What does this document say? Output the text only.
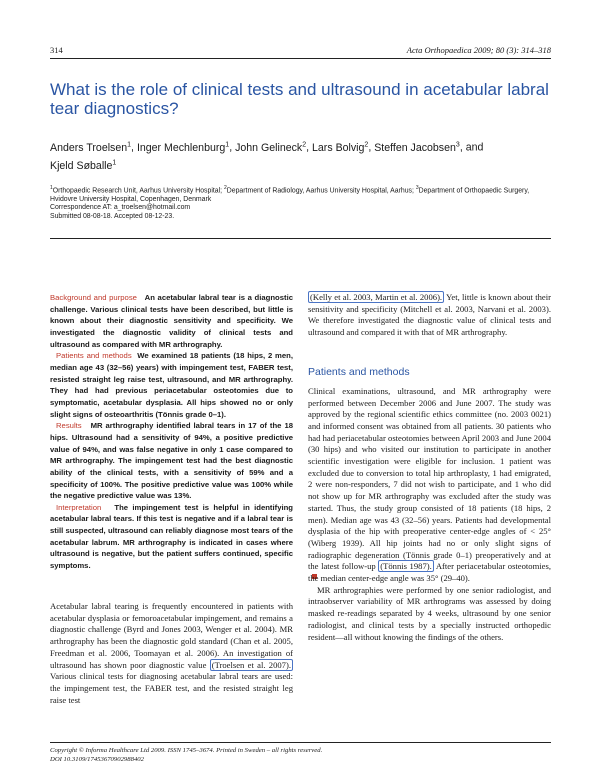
314	Acta Orthopaedica 2009; 80 (3): 314–318
What is the role of clinical tests and ultrasound in acetabular labral tear diagnostics?
Anders Troelsen$^1$, Inger Mechlenburg$^1$, John Gelineck$^2$, Lars Bolvig$^2$, Steffen Jacobsen$^3$, and
Kjeld Søballe$^1$
$^1$Orthopaedic Research Unit, Aarhus University Hospital; $^2$Department of Radiology, Aarhus University Hospital, Aarhus; $^3$Department of Orthopaedic Surgery, Hvidovre University Hospital, Copenhagen, Denmark
Correspondence AT: a_troelsen@hotmail.com
Submitted 08-08-18. Accepted 08-12-23.

Background and purpose An acetabular labral tear is a diagnostic challenge. Various clinical tests have been described, but little is known about their diagnostic sensitivity and specificity. We investigated the diagnostic validity of clinical tests and ultrasound as compared with MR arthrography.

Patients and methods We examined 18 patients (18 hips, 2 men, median age 43 (32–56) years) with impingement test, FABER test, resisted straight leg raise test, ultrasound, and MR arthrography. They had had previous periacetabular osteotomies due to symptomatic, acetabular dysplasia. All hips showed no or only slight signs of osteoarthritis (Tönnis grade 0–1).

Results MR arthrography identified labral tears in 17 of the 18 hips. Ultrasound had a sensitivity of 94%, a positive predictive value of 94%, and was false negative in only 1 case compared to MR arthrography. The impingement test had the best diagnostic ability of the clinical tests, with a sensitivity of 59% and a specificity of 100%. The positive predictive value was 100% while the negative predictive value was 13%.

Interpretation The impingement test is helpful in identifying acetabular labral tears. If this test is negative and if a labral tear is still suspected, ultrasound can reliably diagnose most tears of the acetabular labrum. MR arthrography is indicated in cases where ultrasound is negative, but the patient suffers continued, specific symptoms.

Acetabular labral tearing is frequently encountered in patients with acetabular dysplasia or femoroacetabular impingement, and remains a diagnostic challenge (Byrd and Jones 2003, Wenger et al. 2004). MR arthrography has been the diagnostic gold standard (Chan et al. 2005, Freedman et al. 2006, Toomayan et al. 2006). An investigation of ultrasound has shown poor diagnostic value (Troelsen et al. 2007). Various clinical tests for diagnosing acetabular labral tears are used: the impingement test, the FABER test, and the resisted straight leg raise test

(Kelly et al. 2003, Martin et al. 2006). Yet, little is known about their sensitivity and specificity (Mitchell et al. 2003, Narvani et al. 2003). We therefore investigated the diagnostic value of clinical tests and ultrasound and compared it with that of MR arthrography.

Patients and methods

Clinical examinations, ultrasound, and MR arthrography were performed between December 2006 and June 2007. The study was approved by the regional scientific ethics committee (no. 2003 0021) and informed consent was obtained from all patients. 30 patients who had had periacetabular osteotomies between April 2003 and June 2004 (30 hips) and who visited our institution to participate in another scientific investigation were eligible for inclusion. 1 patient was excluded due to conversion to total hip arthroplasty, 1 had emigrated, 2 were non-responders, 7 did not wish to participate, and 1 who did not show up for MR arthrography was excluded after the study was started. Thus, the study group consisted of 18 patients (18 hips, 2 men). Median age was 43 (32–56) years. Patients had developmental dysplasia of the hip with preoperative center-edge angles of < 25° (Wiberg 1939). All hip joints had no or only slight signs of radiographic degeneration (Tönnis grade 0–1) preoperatively and at the latest follow-up (Tönnis 1987). After periacetabular osteotomies, the median center-edge angle was 35° (29–40).

MR arthrographies were performed by one senior radiologist, and intraobserver variability of MR arthrograms was assessed by doing masked re-readings separated by 4 weeks, ultrasound by one senior radiologist, and clinical tests by a specially instructed orthopedic resident—all without knowing the findings of the others.

Copyright © Informa Healthcare Ltd 2009. ISSN 1745–3674. Printed in Sweden – all rights reserved.
DOI 10.3109/17453670902988402
